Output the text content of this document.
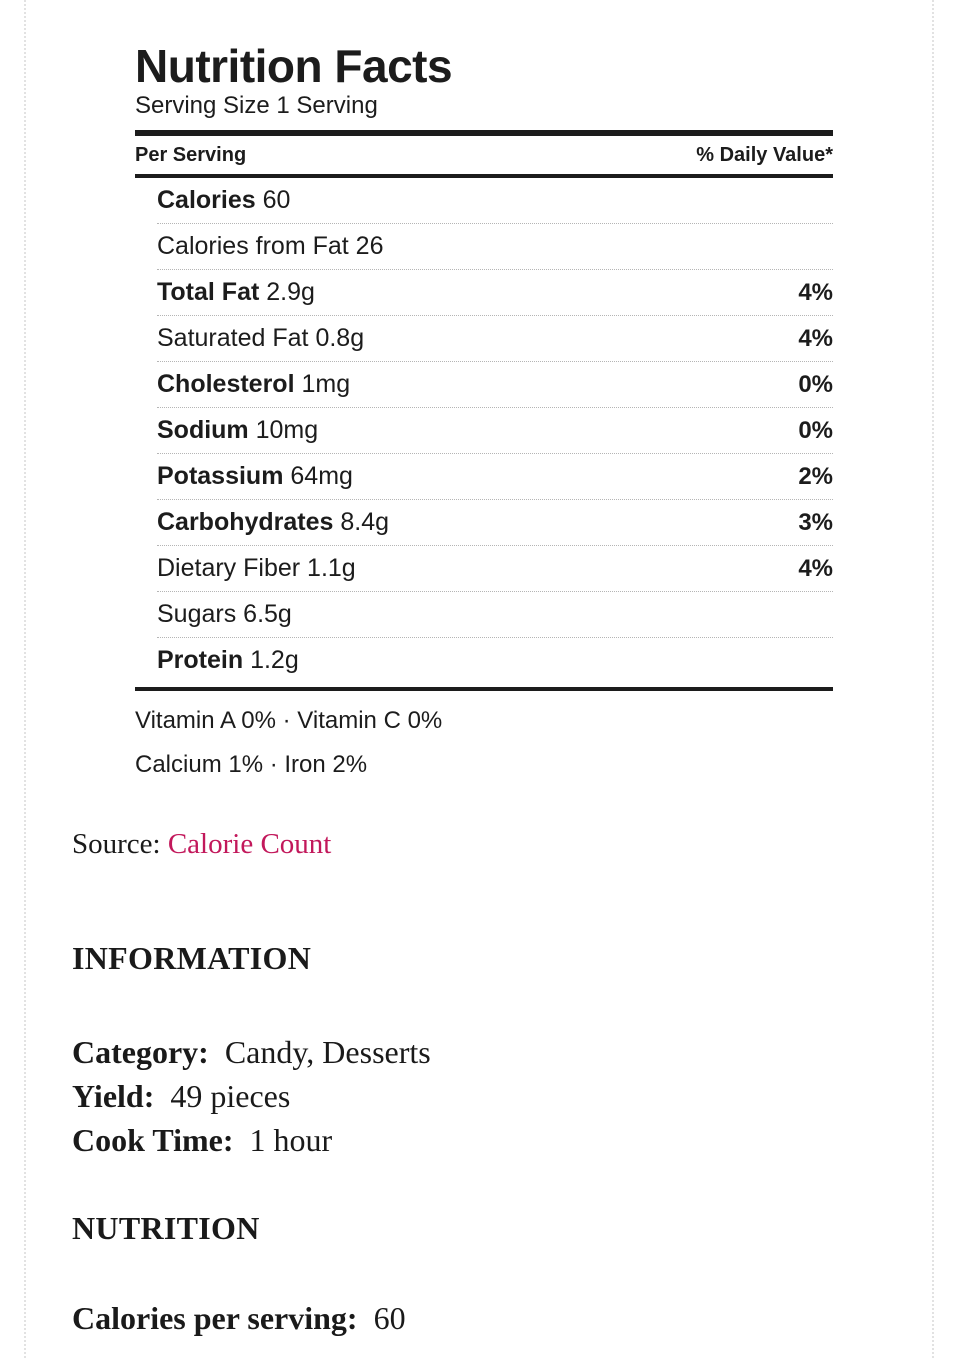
Nutrition Facts
Serving Size 1 Serving
Per Serving	% Daily Value*
Calories 60
Calories from Fat 26
Total Fat 2.9g	4%
Saturated Fat 0.8g	4%
Cholesterol 1mg	0%
Sodium 10mg	0%
Potassium 64mg	2%
Carbohydrates 8.4g	3%
Dietary Fiber 1.1g	4%
Sugars 6.5g
Protein 1.2g
Vitamin A 0% · Vitamin C 0%
Calcium 1% · Iron 2%
Source: Calorie Count
INFORMATION
Category: Candy, Desserts
Yield: 49 pieces
Cook Time: 1 hour
NUTRITION
Calories per serving: 60
